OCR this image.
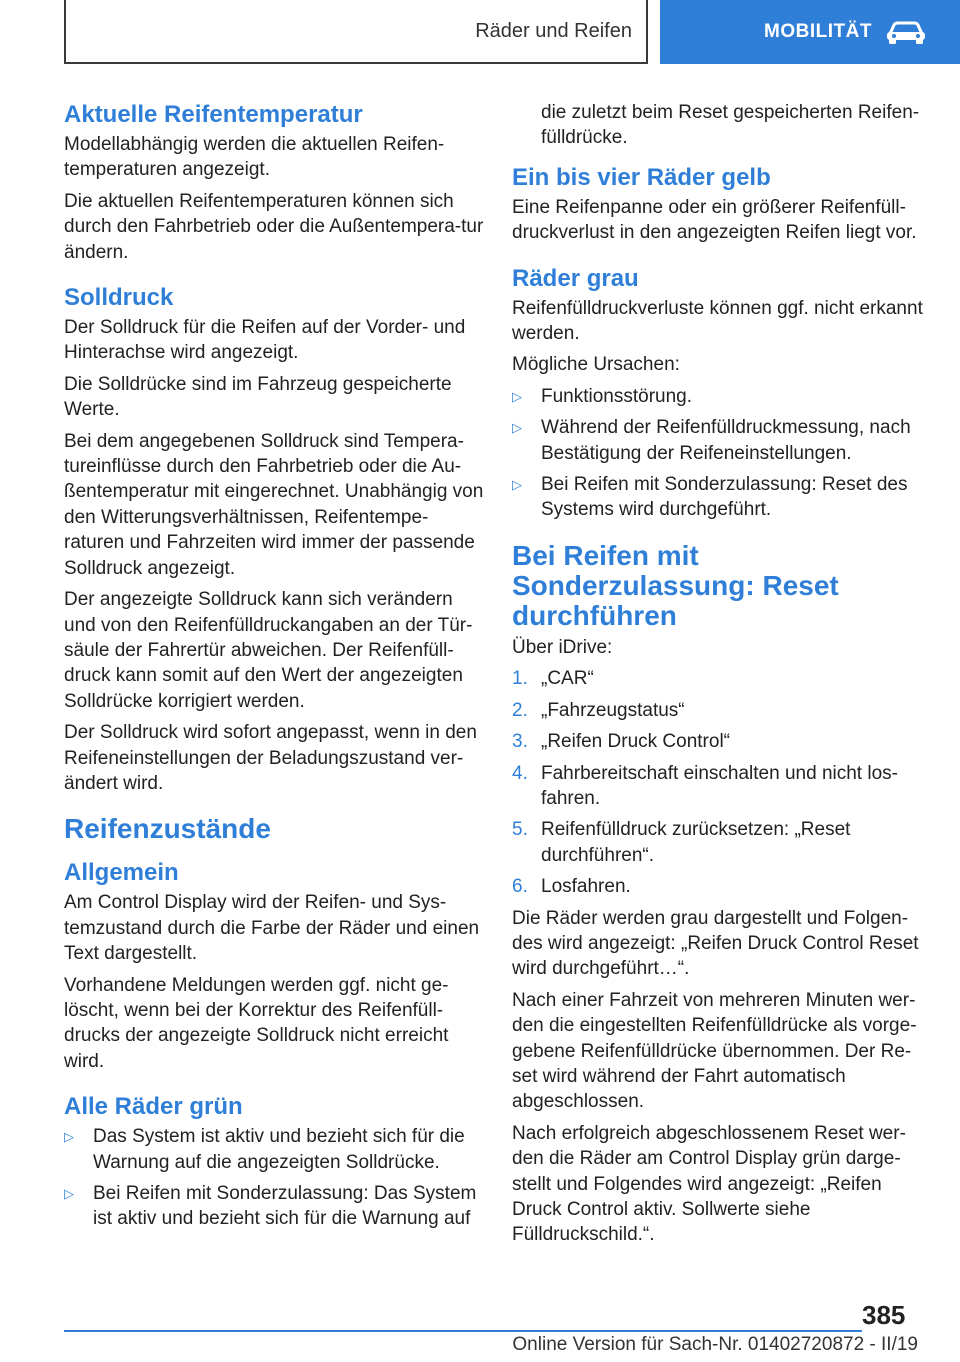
Räder und Reifen	MOBILITÄT
Aktuelle Reifentemperatur

Modellabhängig werden die aktuellen Reifen-temperaturen angezeigt.

Die aktuellen Reifentemperaturen können sich durch den Fahrbetrieb oder die Außentempera-tur ändern.

Solldruck

Der Solldruck für die Reifen auf der Vorder- und Hinterachse wird angezeigt.

Die Solldrücke sind im Fahrzeug gespeicherte Werte.

Bei dem angegebenen Solldruck sind Tempera-tureinflüsse durch den Fahrbetrieb oder die Au-ßentemperatur mit eingerechnet. Unabhängig von den Witterungsverhältnissen, Reifentempe-raturen und Fahrzeiten wird immer der passende Solldruck angezeigt.

Der angezeigte Solldruck kann sich verändern und von den Reifenfülldruckangaben an der Tür-säule der Fahrertür abweichen. Der Reifenfüll-druck kann somit auf den Wert der angezeigten Solldrücke korrigiert werden.

Der Solldruck wird sofort angepasst, wenn in den Reifeneinstellungen der Beladungszustand ver-ändert wird.

Reifenzustände
Allgemein

Am Control Display wird der Reifen- und Sys-temzustand durch die Farbe der Räder und einen Text dargestellt.

Vorhandene Meldungen werden ggf. nicht ge-löscht, wenn bei der Korrektur des Reifenfüll-drucks der angezeigte Solldruck nicht erreicht wird.

Alle Räder grün
▷ Das System ist aktiv und bezieht sich für die Warnung auf die angezeigten Solldrücke.
▷ Bei Reifen mit Sonderzulassung: Das System ist aktiv und bezieht sich für die Warnung auf
die zuletzt beim Reset gespeicherten Reifen-fülldrücke.
Ein bis vier Räder gelb

Eine Reifenpanne oder ein größerer Reifenfüll-druckverlust in den angezeigten Reifen liegt vor.

Räder grau

Reifenfülldruckverluste können ggf. nicht erkannt werden.

Mögliche Ursachen:

▷ Funktionsstörung.
▷ Während der Reifenfülldruckmessung, nach Bestätigung der Reifeneinstellungen.
▷ Bei Reifen mit Sonderzulassung: Reset des Systems wird durchgeführt.
Bei Reifen mit Sonderzulassung: Reset durchführen

Über iDrive:

1. „CAR“
2. „Fahrzeugstatus“
3. „Reifen Druck Control“
4. Fahrbereitschaft einschalten und nicht los-fahren.
5. Reifenfülldruck zurücksetzen: „Reset durchführen“.
6. Losfahren.

Die Räder werden grau dargestellt und Folgen-des wird angezeigt: „Reifen Druck Control Reset wird durchgeführt…“.

Nach einer Fahrzeit von mehreren Minuten wer-den die eingestellten Reifenfülldrücke als vorge-gebene Reifenfülldrücke übernommen. Der Re-set wird während der Fahrt automatisch abgeschlossen.

Nach erfolgreich abgeschlossenem Reset wer-den die Räder am Control Display grün darge-stellt und Folgendes wird angezeigt: „Reifen Druck Control aktiv. Sollwerte siehe Fülldruckschild.“.

385
Online Version für Sach-Nr. 01402720872 - II/19
